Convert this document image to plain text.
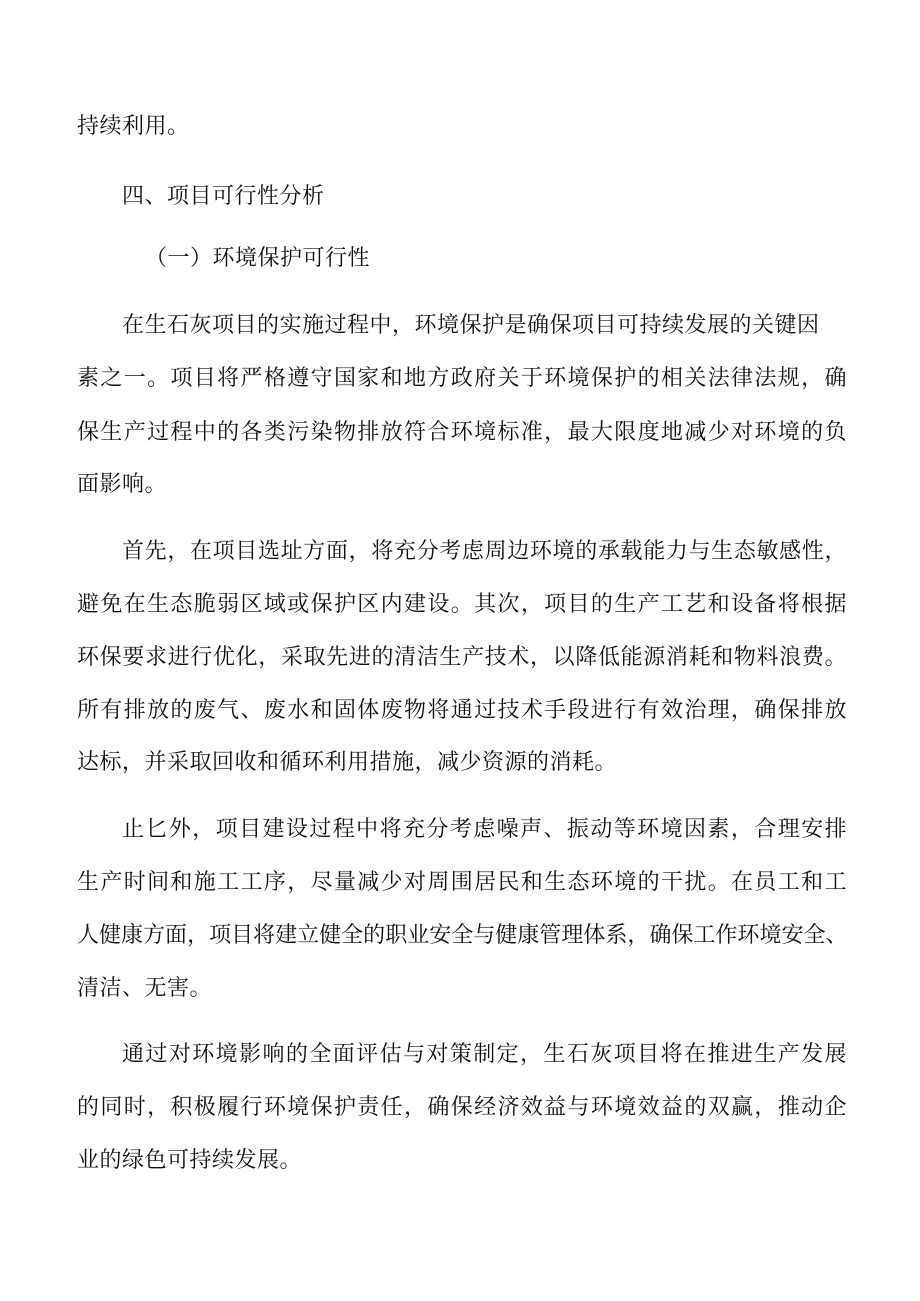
持续利用。
四、项目可行性分析
（一）环境保护可行性
在生石灰项目的实施过程中，环境保护是确保项目可持续发展的关键因
素之一。项目将严格遵守国家和地方政府关于环境保护的相关法律法规，确
保生产过程中的各类污染物排放符合环境标准，最大限度地减少对环境的负
面影响。
首先，在项目选址方面，将充分考虑周边环境的承载能力与生态敏感性，
避免在生态脆弱区域或保护区内建设。其次，项目的生产工艺和设备将根据
环保要求进行优化，采取先进的清洁生产技术，以降低能源消耗和物料浪费。
所有排放的废气、废水和固体废物将通过技术手段进行有效治理，确保排放
达标，并采取回收和循环利用措施，减少资源的消耗。
止匕外，项目建设过程中将充分考虑噪声、振动等环境因素，合理安排
生产时间和施工工序，尽量减少对周围居民和生态环境的干扰。在员工和工
人健康方面，项目将建立健全的职业安全与健康管理体系，确保工作环境安全、
清洁、无害。
通过对环境影响的全面评估与对策制定，生石灰项目将在推进生产发展
的同时，积极履行环境保护责任，确保经济效益与环境效益的双赢，推动企
业的绿色可持续发展。
